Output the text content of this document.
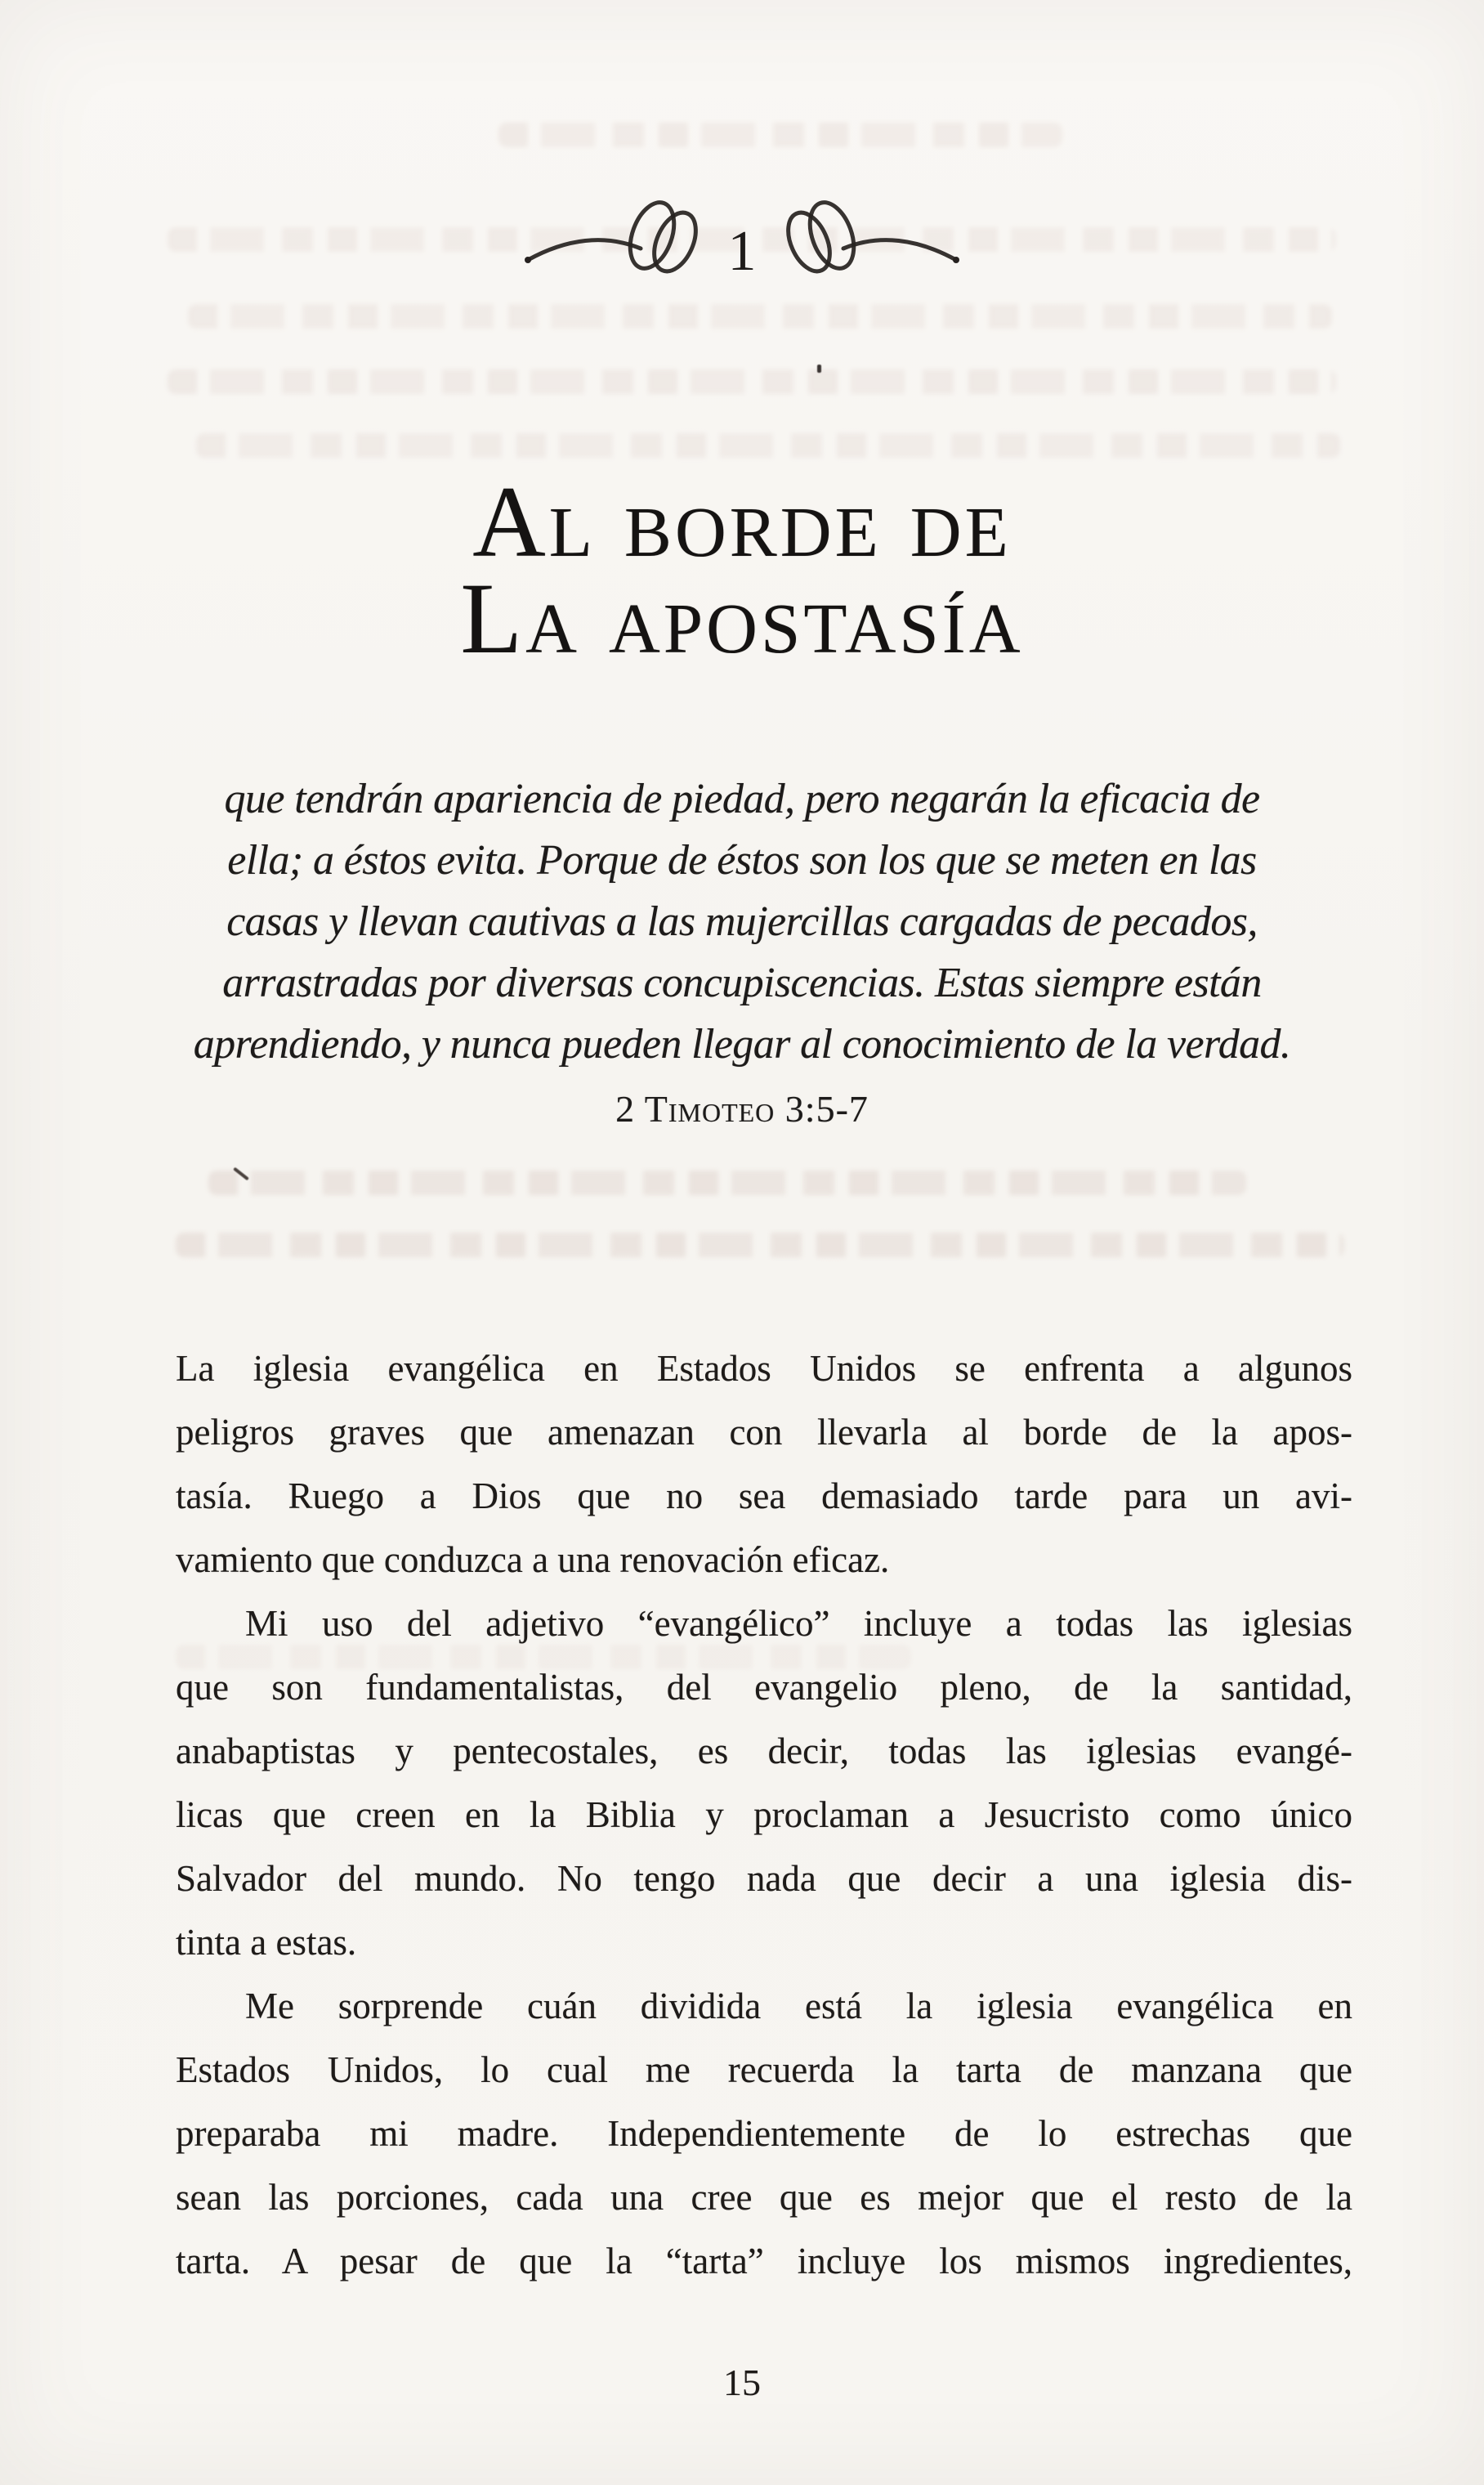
1
Al borde de
La apostasía
que tendrán apariencia de piedad, pero negarán la eficacia de
ella; a éstos evita. Porque de éstos son los que se meten en las
casas y llevan cautivas a las mujercillas cargadas de pecados,
arrastradas por diversas concupiscencias. Estas siempre están
aprendiendo, y nunca pueden llegar al conocimiento de la verdad.
2 Timoteo 3:5-7
La iglesia evangélica en Estados Unidos se enfrenta a algunos
peligros graves que amenazan con llevarla al borde de la apos-
tasía. Ruego a Dios que no sea demasiado tarde para un avi-
vamiento que conduzca a una renovación eficaz.
Mi uso del adjetivo “evangélico” incluye a todas las iglesias
que son fundamentalistas, del evangelio pleno, de la santidad,
anabaptistas y pentecostales, es decir, todas las iglesias evangé-
licas que creen en la Biblia y proclaman a Jesucristo como único
Salvador del mundo. No tengo nada que decir a una iglesia dis-
tinta a estas.
Me sorprende cuán dividida está la iglesia evangélica en
Estados Unidos, lo cual me recuerda la tarta de manzana que
preparaba mi madre. Independientemente de lo estrechas que
sean las porciones, cada una cree que es mejor que el resto de la
tarta. A pesar de que la “tarta” incluye los mismos ingredientes,
15
